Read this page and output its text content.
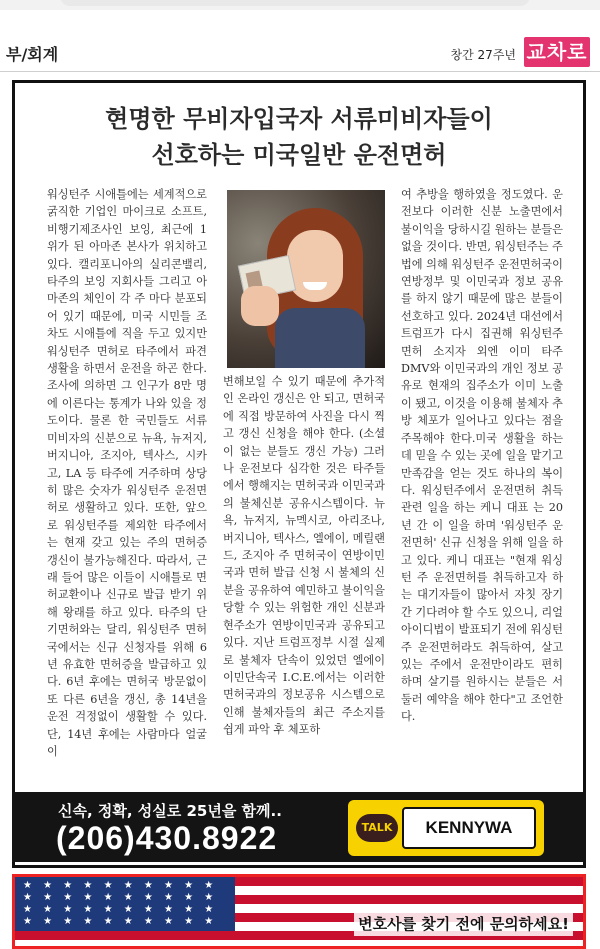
부/회계	창간 27주년 교차로
현명한 무비자입국자 서류미비자들이
선호하는 미국일반 운전면허
워싱턴주 시애틀에는 세계적으로 굵직한 기업인 마이크로 소프트, 비행기제조사인 보잉, 최근에 1위가 된 아마존 본사가 위치하고 있다. 캘리포니아의 실리콘밸리, 타주의 보잉 지회사들 그리고 아마존의 체인이 각 주 마다 분포되어 있기 때문에, 미국 시민들 조차도 시애틀에 직을 두고 있지만 워싱턴주 면허로 타주에서 파견생활을 하면서 운전을 하곤 한다. 조사에 의하면 그 인구가 8만 명에 이른다는 통계가 나와 있을 정도이다. 물론 한 국민들도 서류 미비자의 신분으로 뉴욕, 뉴저지, 버지니아, 조지아, 텍사스, 시카고, LA 등 타주에 거주하며 상당히 많은 숫자가 워싱턴주 운전면허로 생활하고 있다. 또한, 앞으로 워싱턴주를 제외한 타주에서는 현재 갖고 있는 주의 면허증 갱신이 불가능해진다. 따라서, 근래 들어 많은 이들이 시애틀로 면허교환이나 신규로 발급 받기 위해 왕래를 하고 있다. 타주의 단기면허와는 달리, 워싱턴주 면허국에서는 신규 신청자를 위해 6년 유효한 면허증을 발급하고 있다. 6년 후에는 면허국 방문없이 또 다른 6년을 갱신, 총 14년을 운전 걱정없이 생활할 수 있다. 단, 14년 후에는 사람마다 얼굴이
변해보일 수 있기 때문에 추가적인 온라인 갱신은 안 되고, 면허국에 직접 방문하여 사진을 다시 찍고 갱신 신청을 해야 한다. (소셜이 없는 분들도 갱신 가능) 그러나 운전보다 심각한 것은 타주들에서 행해지는 면허국과 이민국과의 불체신분 공유시스템이다. 뉴욕, 뉴저지, 뉴멕시코, 아리조나, 버지니아, 텍사스, 엘에이, 메릴랜드, 조지아 주 면허국이 연방이민국과 면허 발급 신청 시 불체의 신분을 공유하여 예민하고 불이익을 당할 수 있는 위험한 개인 신분과 현주소가 연방이민국과 공유되고 있다. 지난 트럼프정부 시절 실제로 불체자 단속이 있었던 엘에이 이민단속국 I.C.E.에서는 이러한 면허국과의 정보공유 시스템으로 인해 불체자들의 최근 주소지를 쉽게 파악 후 체포하
여 추방을 행하였을 정도였다. 운전보다 이러한 신분 노출면에서 불이익을 당하시길 원하는 분들은 없을 것이다. 반면, 워싱턴주는 주법에 의해 워싱턴주 운전면허국이 연방정부 및 이민국과 정보 공유를 하지 않기 때문에 많은 분들이 선호하고 있다. 2024년 대선에서 트럼프가 다시 집권해 워싱턴주 면허 소지자 외엔 이미 타주 DMV와 이민국과의 개인 정보 공유로 현재의 집주소가 이미 노출이 됐고, 이것을 이용해 불체자 추방 체포가 일어나고 있다는 점을 주목해야 한다.미국 생활을 하는데 믿을 수 있는 곳에 일을 맡기고 만족감을 얻는 것도 하나의 복이다. 워싱턴주에서 운전면허 취득관련 일을 하는 케니 대표 는 20년 간 이 일을 하며 '워싱턴주 운전면허' 신규 신청을 위해 일을 하고 있다. 케니 대표는 "현재 워싱턴 주 운전면허를 취득하고자 하는 대기자들이 많아서 자칫 장기간 기다려야 할 수도 있으니, 리얼아이디법이 발표되기 전에 워싱턴주 운전면허라도 취득하여, 살고 있는 주에서 운전만이라도 편히 하며 살기를 원하시는 분들은 서둘러 예약을 해야 한다"고 조언한다.
신속, 정확, 성실로 25년을 함께..
(206)430.8922	TALK	KENNYWA
★ ★ ★ ★ ★ ★ ★ ★ ★ ★ ★ ★ ★ ★ ★ ★ ★ ★ ★ ★ ★ ★ ★ ★ ★ ★ ★ ★ ★ ★ ★ ★ ★ ★ ★ ★ ★ ★ ★ ★	변호사를 찾기 전에 문의하세요!
